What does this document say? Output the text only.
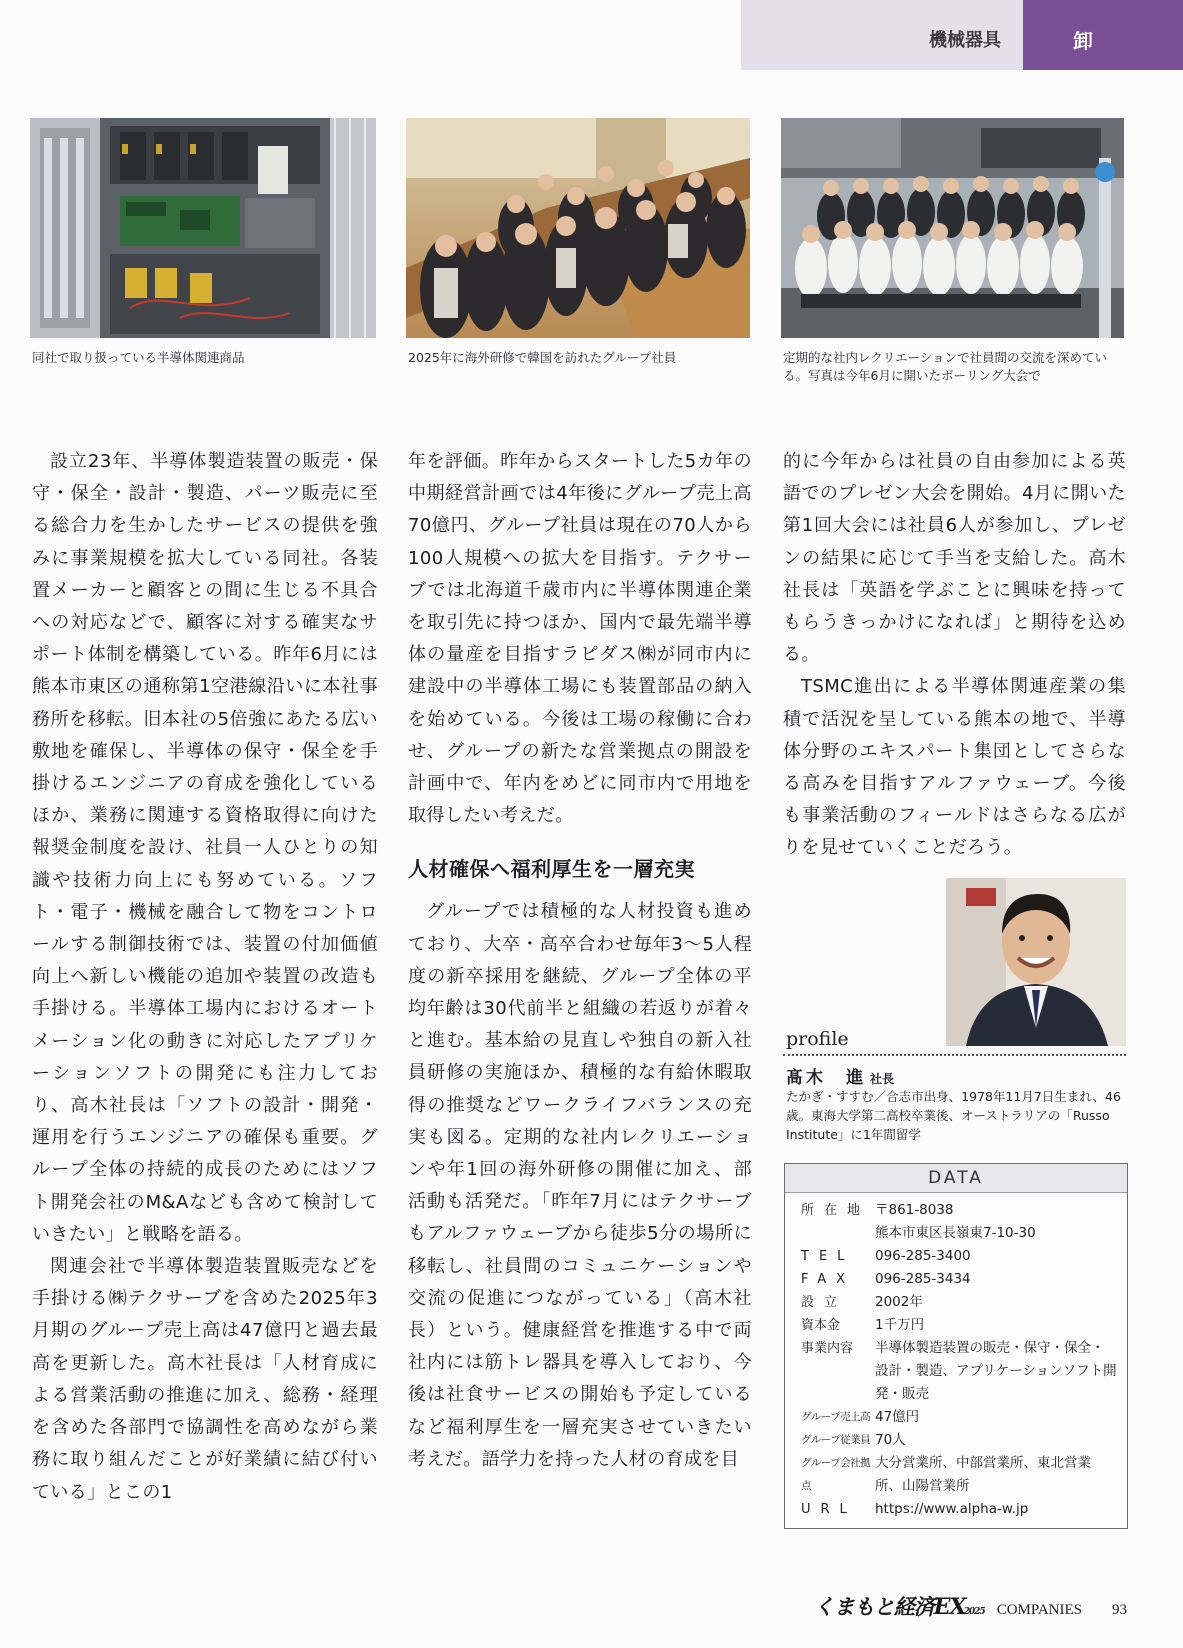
機械器具	卸
同社で取り扱っている半導体関連商品	2025年に海外研修で韓国を訪れたグループ社員	定期的な社内レクリエーションで社員間の交流を深めている。写真は今年6月に開いたボーリング大会で

設立23年、半導体製造装置の販売・保守・保全・設計・製造、パーツ販売に至る総合力を生かしたサービスの提供を強みに事業規模を拡大している同社。各装置メーカーと顧客との間に生じる不具合への対応などで、顧客に対する確実なサポート体制を構築している。昨年6月には熊本市東区の通称第1空港線沿いに本社事務所を移転。旧本社の5倍強にあたる広い敷地を確保し、半導体の保守・保全を手掛けるエンジニアの育成を強化しているほか、業務に関連する資格取得に向けた報奨金制度を設け、社員一人ひとりの知識や技術力向上にも努めている。ソフト・電子・機械を融合して物をコントロールする制御技術では、装置の付加価値向上へ新しい機能の追加や装置の改造も手掛ける。半導体工場内におけるオートメーション化の動きに対応したアプリケーションソフトの開発にも注力しており、高木社長は「ソフトの設計・開発・運用を行うエンジニアの確保も重要。グループ全体の持続的成長のためにはソフト開発会社のM&Aなども含めて検討していきたい」と戦略を語る。

関連会社で半導体製造装置販売などを手掛ける㈱テクサーブを含めた2025年3月期のグループ売上高は47億円と過去最高を更新した。高木社長は「人材育成による営業活動の推進に加え、総務・経理を含めた各部門で協調性を高めながら業務に取り組んだことが好業績に結び付いている」とこの1

年を評価。昨年からスタートした5カ年の中期経営計画では4年後にグループ売上高70億円、グループ社員は現在の70人から100人規模への拡大を目指す。テクサーブでは北海道千歳市内に半導体関連企業を取引先に持つほか、国内で最先端半導体の量産を目指すラピダス㈱が同市内に建設中の半導体工場にも装置部品の納入を始めている。今後は工場の稼働に合わせ、グループの新たな営業拠点の開設を計画中で、年内をめどに同市内で用地を取得したい考えだ。

人材確保へ福利厚生を一層充実

グループでは積極的な人材投資も進めており、大卒・高卒合わせ毎年3～5人程度の新卒採用を継続、グループ全体の平均年齢は30代前半と組織の若返りが着々と進む。基本給の見直しや独自の新入社員研修の実施ほか、積極的な有給休暇取得の推奨などワークライフバランスの充実も図る。定期的な社内レクリエーションや年1回の海外研修の開催に加え、部活動も活発だ。「昨年7月にはテクサーブもアルファウェーブから徒歩5分の場所に移転し、社員間のコミュニケーションや交流の促進につながっている」（高木社長）という。健康経営を推進する中で両社内には筋トレ器具を導入しており、今後は社食サービスの開始も予定しているなど福利厚生を一層充実させていきたい考えだ。語学力を持った人材の育成を目

的に今年からは社員の自由参加による英語でのプレゼン大会を開始。4月に開いた第1回大会には社員6人が参加し、プレゼンの結果に応じて手当を支給した。高木社長は「英語を学ぶことに興味を持ってもらうきっかけになれば」と期待を込める。

TSMC進出による半導体関連産業の集積で活況を呈している熊本の地で、半導体分野のエキスパート集団としてさらなる高みを目指すアルファウェーブ。今後も事業活動のフィールドはさらなる広がりを見せていくことだろう。

profile
髙木　進 社長
たかぎ・すすむ／合志市出身、1978年11月7日生まれ、46歳。東海大学第二高校卒業後、オーストラリアの「Russo Institute」に1年間留学
DATA
所在地 〒861-8038
熊本市東区長嶺東7-10-30
TEL	096-285-3400
FAX	096-285-3434
設立	2002年
資本金	1千万円
事業内容	半導体製造装置の販売・保守・保全・
設計・製造、アプリケーションソフト開
発・販売
グループ売上高 47億円
グループ従業員 70人
グループ会社拠点
大分営業所、中部営業所、東北営業
所、山陽営業所
URL	https://www.alpha-w.jp
くまもと経済EX2025 COMPANIES 93
